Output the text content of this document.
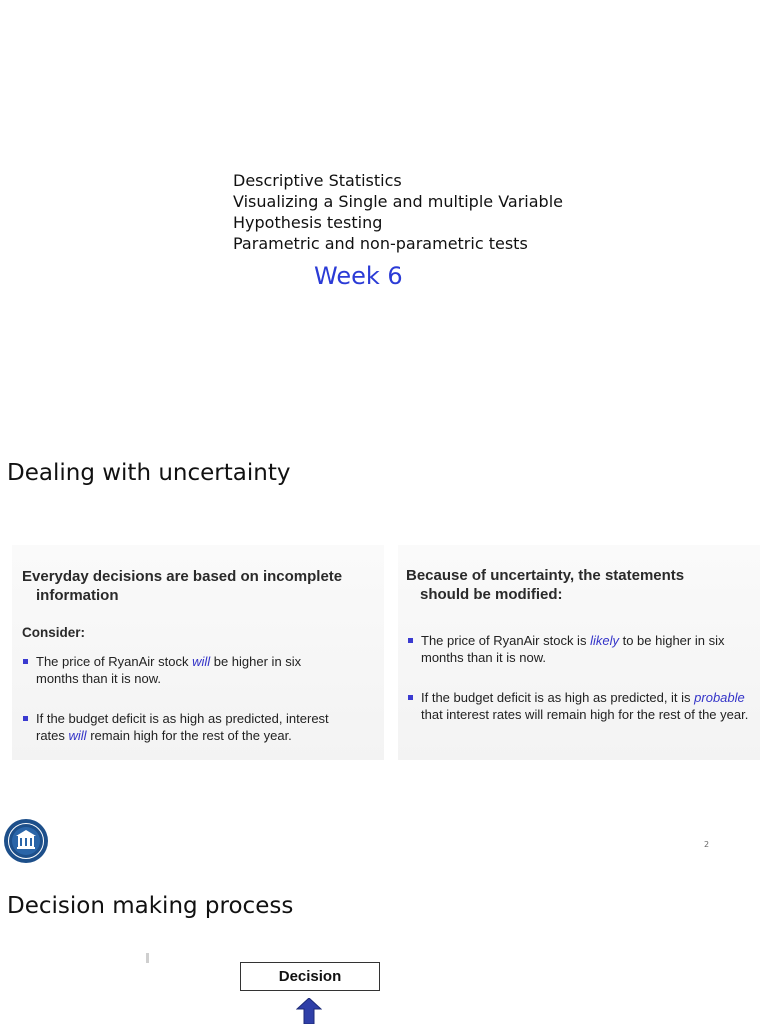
Descriptive Statistics
Visualizing a Single and multiple Variable
Hypothesis testing
Parametric and non-parametric tests
Week 6
Dealing with uncertainty
Everyday decisions are based on incomplete
information
Consider:
The price of RyanAir stock will be higher in six months than it is now.
If the budget deficit is as high as predicted, interest rates will remain high for the rest of the year.
Because of uncertainty, the statements
should be modified:
The price of RyanAir stock is likely to be higher in six months than it is now.
If the budget deficit is as high as predicted, it is probable that interest rates will remain high for the rest of the year.
2
Decision making process
Decision
